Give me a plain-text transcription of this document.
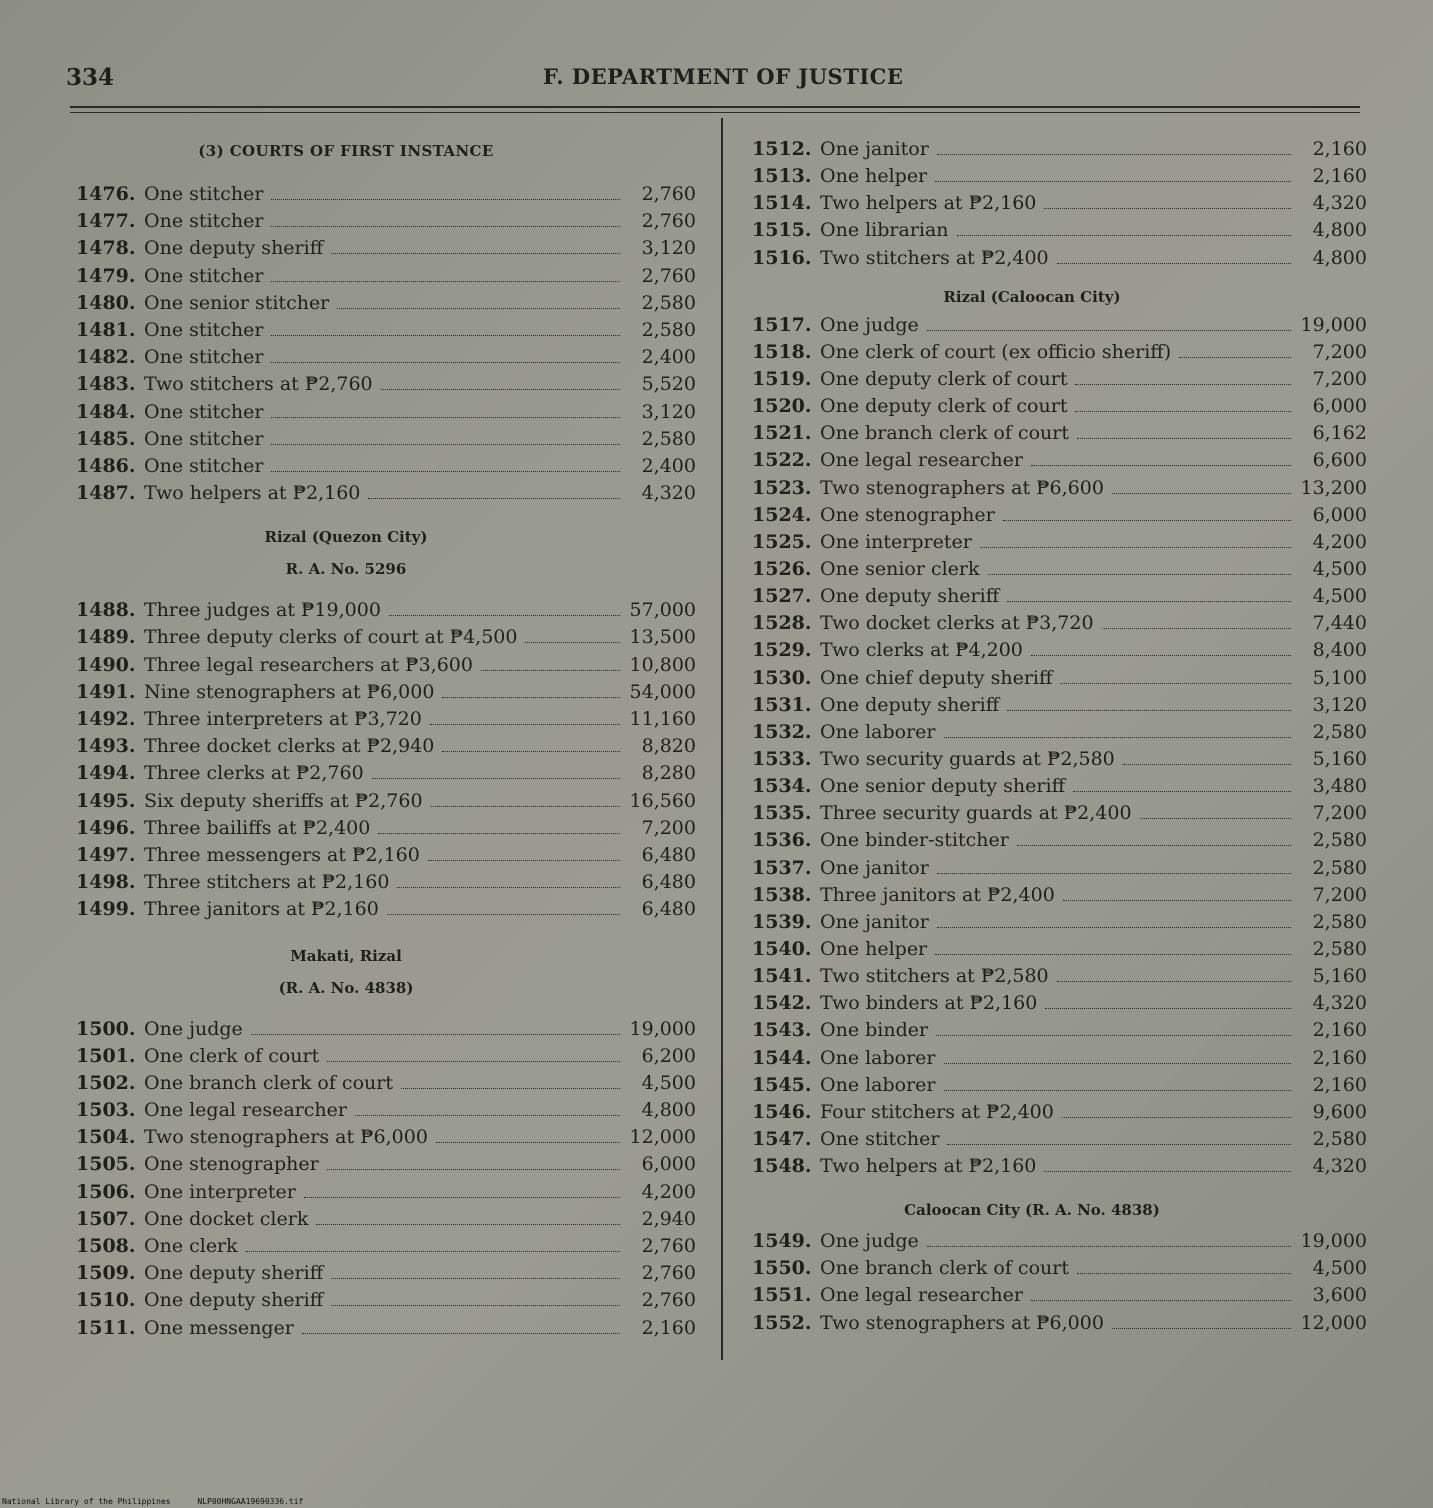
334	F. DEPARTMENT OF JUSTICE
(3) COURTS OF FIRST INSTANCE
1476. One stitcher	2,760
1477. One stitcher	2,760
1478. One deputy sheriff	3,120
1479. One stitcher	2,760
1480. One senior stitcher	2,580
1481. One stitcher	2,580
1482. One stitcher	2,400
1483. Two stitchers at ₱2,760	5,520
1484. One stitcher	3,120
1485. One stitcher	2,580
1486. One stitcher	2,400
1487. Two helpers at ₱2,160	4,320
Rizal (Quezon City)
R. A. No. 5296
1488. Three judges at ₱19,000	57,000
1489. Three deputy clerks of court at ₱4,500	13,500
1490. Three legal researchers at ₱3,600	10,800
1491. Nine stenographers at ₱6,000	54,000
1492. Three interpreters at ₱3,720	11,160
1493. Three docket clerks at ₱2,940	8,820
1494. Three clerks at ₱2,760	8,280
1495. Six deputy sheriffs at ₱2,760	16,560
1496. Three bailiffs at ₱2,400	7,200
1497. Three messengers at ₱2,160	6,480
1498. Three stitchers at ₱2,160	6,480
1499. Three janitors at ₱2,160	6,480
Makati, Rizal
(R. A. No. 4838)
1500. One judge	19,000
1501. One clerk of court	6,200
1502. One branch clerk of court	4,500
1503. One legal researcher	4,800
1504. Two stenographers at ₱6,000	12,000
1505. One stenographer	6,000
1506. One interpreter	4,200
1507. One docket clerk	2,940
1508. One clerk	2,760
1509. One deputy sheriff	2,760
1510. One deputy sheriff	2,760
1511. One messenger	2,160
1512. One janitor	2,160
1513. One helper	2,160
1514. Two helpers at ₱2,160	4,320
1515. One librarian	4,800
1516. Two stitchers at ₱2,400	4,800
Rizal (Caloocan City)
1517. One judge	19,000
1518. One clerk of court (ex officio sheriff)	7,200
1519. One deputy clerk of court	7,200
1520. One deputy clerk of court	6,000
1521. One branch clerk of court	6,162
1522. One legal researcher	6,600
1523. Two stenographers at ₱6,600	13,200
1524. One stenographer	6,000
1525. One interpreter	4,200
1526. One senior clerk	4,500
1527. One deputy sheriff	4,500
1528. Two docket clerks at ₱3,720	7,440
1529. Two clerks at ₱4,200	8,400
1530. One chief deputy sheriff	5,100
1531. One deputy sheriff	3,120
1532. One laborer	2,580
1533. Two security guards at ₱2,580	5,160
1534. One senior deputy sheriff	3,480
1535. Three security guards at ₱2,400	7,200
1536. One binder-stitcher	2,580
1537. One janitor	2,580
1538. Three janitors at ₱2,400	7,200
1539. One janitor	2,580
1540. One helper	2,580
1541. Two stitchers at ₱2,580	5,160
1542. Two binders at ₱2,160	4,320
1543. One binder	2,160
1544. One laborer	2,160
1545. One laborer	2,160
1546. Four stitchers at ₱2,400	9,600
1547. One stitcher	2,580
1548. Two helpers at ₱2,160	4,320
Caloocan City (R. A. No. 4838)
1549. One judge	19,000
1550. One branch clerk of court	4,500
1551. One legal researcher	3,600
1552. Two stenographers at ₱6,000	12,000
National Library of the Philippines	NLP00HNGAA19690336.tif
